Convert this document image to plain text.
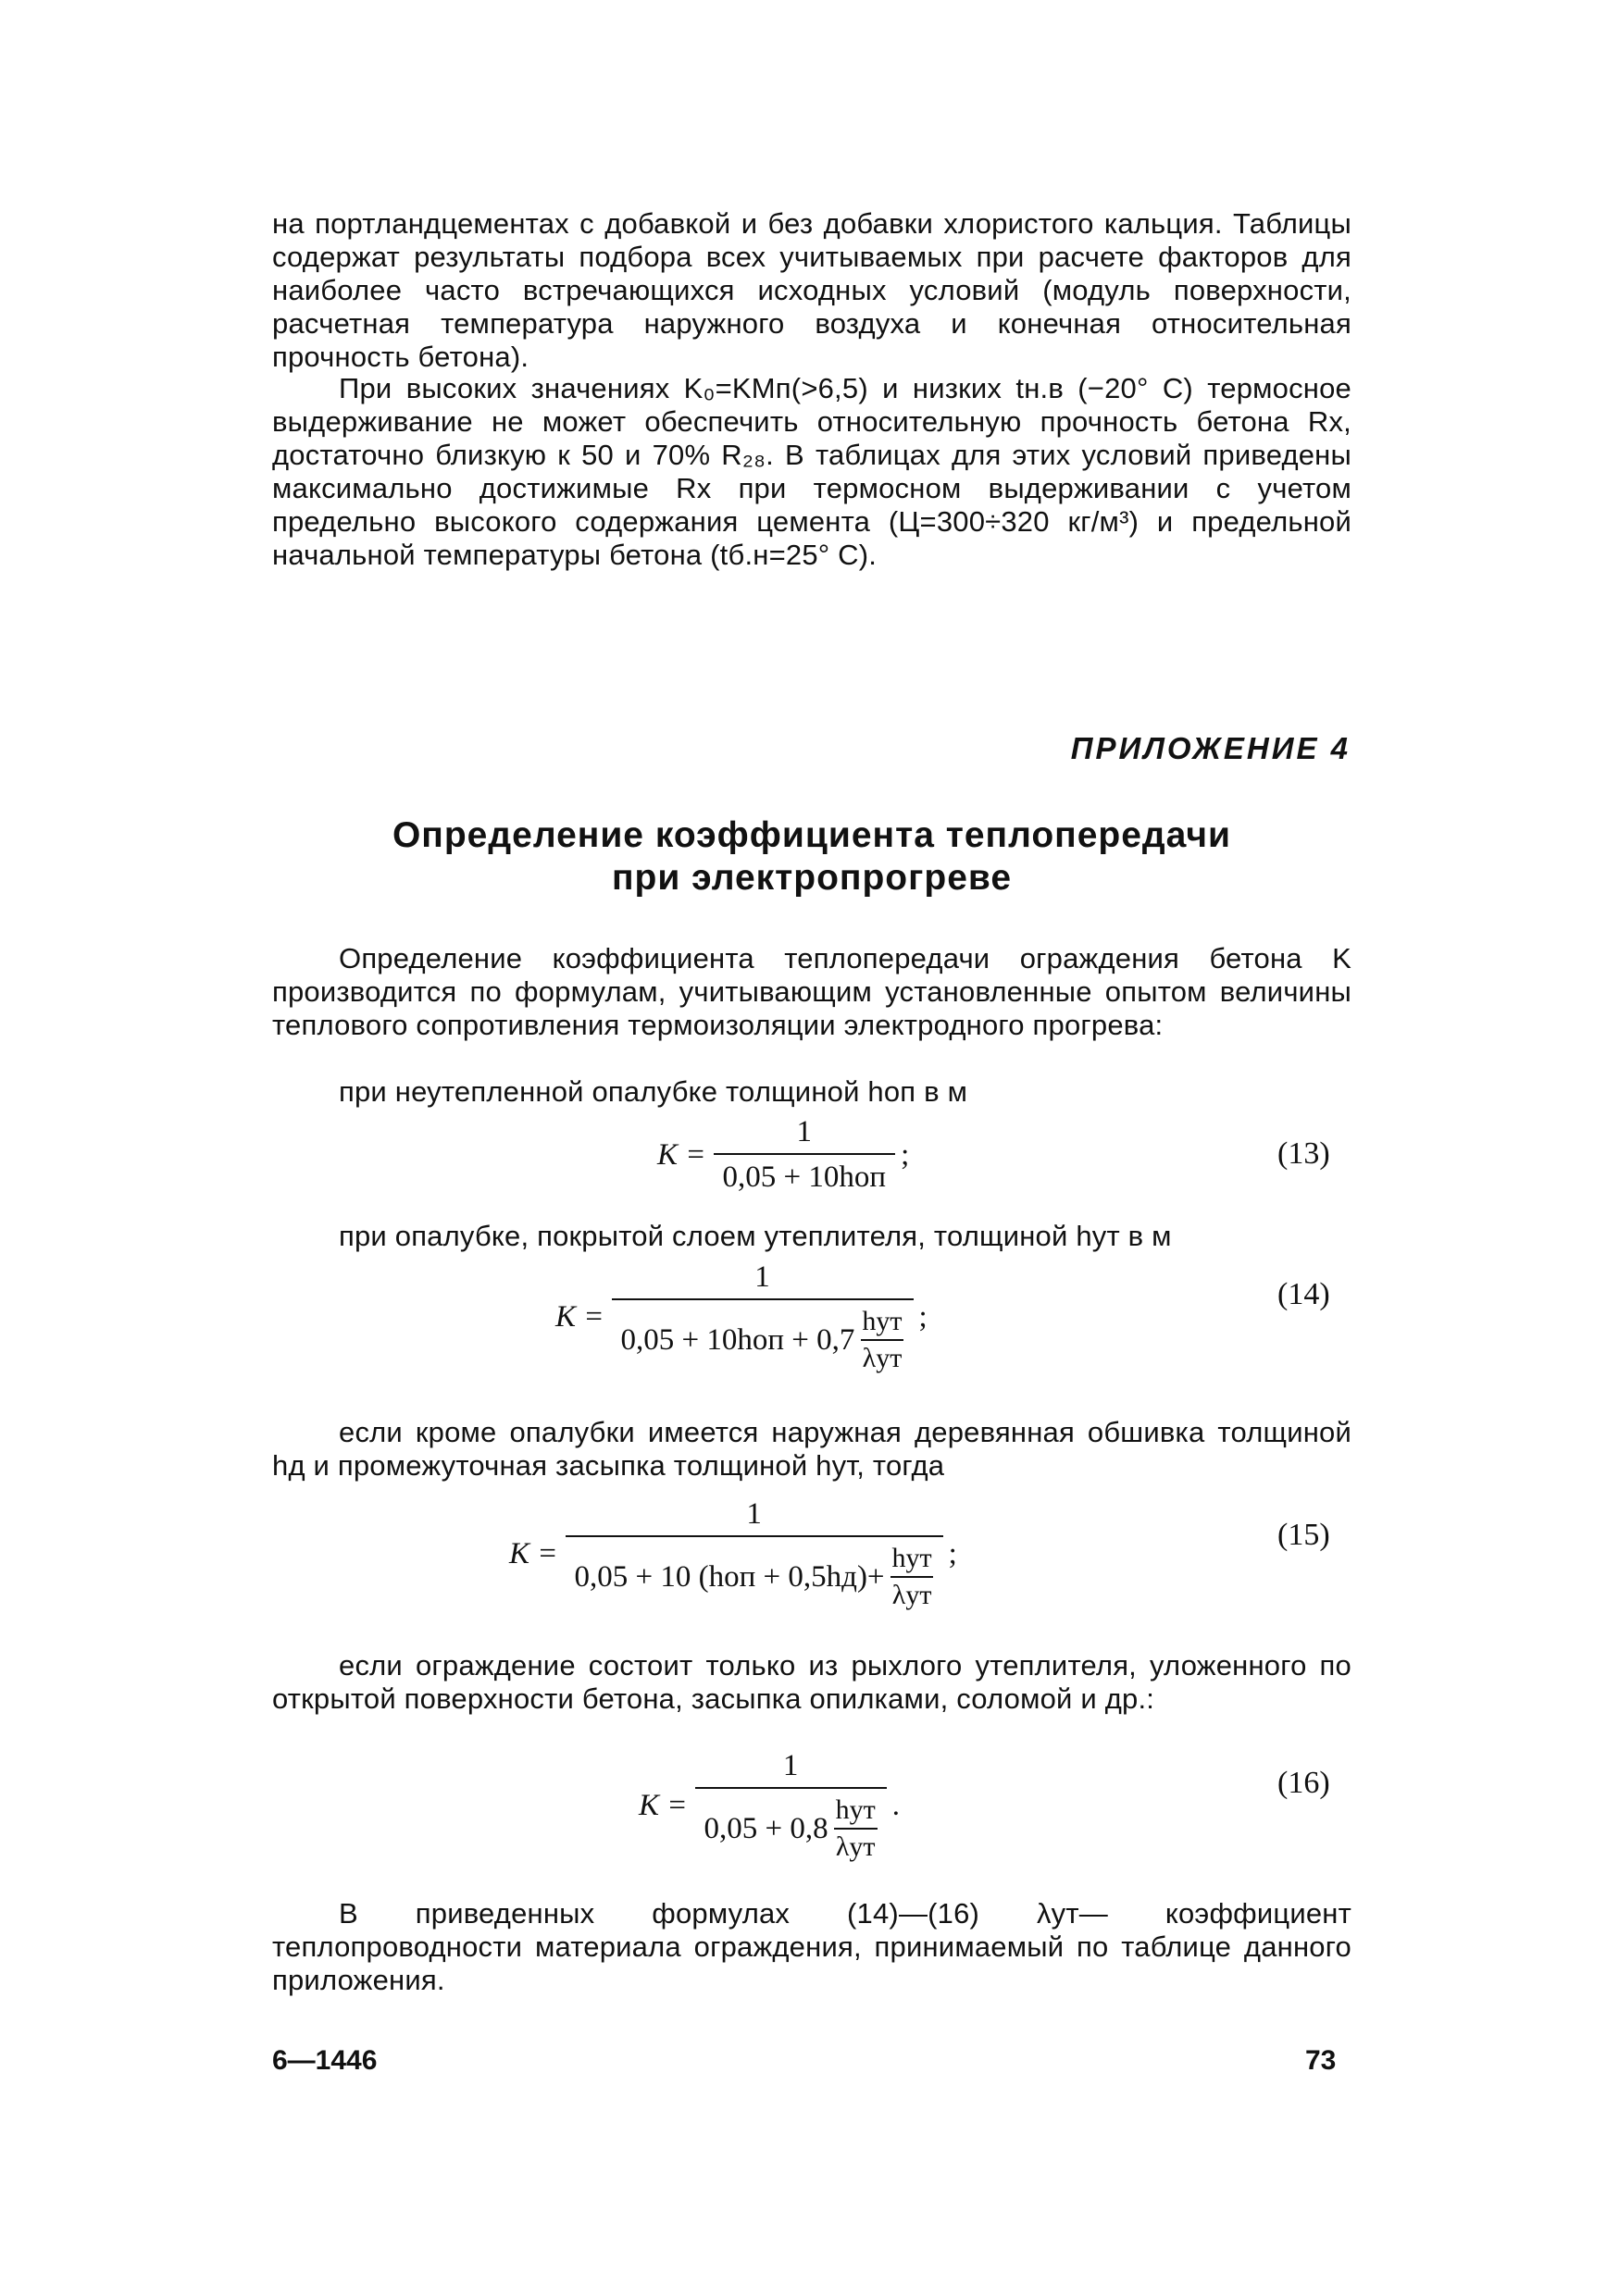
на портландцементах с добавкой и без добавки хлористого кальция. Таблицы содержат результаты подбора всех учитываемых при расчете факторов для наиболее часто встречающихся исходных условий (модуль поверхности, расчетная температура наружного воздуха и конечная относительная прочность бетона).

При высоких значениях K₀=KMп(>6,5) и низких tн.в (−20° C) термосное выдерживание не может обеспечить относительную прочность бетона Rx, достаточно близкую к 50 и 70% R₂₈. В таблицах для этих условий приведены максимально достижимые Rx при термосном выдерживании с учетом предельно высокого содержания цемента (Ц=300÷320 кг/м³) и предельной начальной температуры бетона (tб.н=25° C).

ПРИЛОЖЕНИЕ 4
Определение коэффициента теплопередачи
при электропрогреве

Определение коэффициента теплопередачи ограждения бетона K производится по формулам, учитывающим установленные опытом величины теплового сопротивления термоизоляции электродного прогрева:

при неутепленной опалубке толщиной hоп в м

$K = \frac{1}{\text{0,05 + 10hоп}}$ ;	(13)

при опалубке, покрытой слоем утеплителя, толщиной hут в м

K = 1
0,05 + 10hоп + 0,7
hут
λут ;
(14)

если кроме опалубки имеется наружная деревянная обшивка толщиной hд и промежуточная засыпка толщиной hут, тогда

K =
1
0,05 + 10 (hоп + 0,5hд)+
hут
λут
;
(15)

если ограждение состоит только из рыхлого утеплителя, уложенного по открытой поверхности бетона, засыпка опилками, соломой и др.:

K = 1
0,05 + 0,8
hут
λут .
(16)

В приведенных формулах (14)—(16) λут— коэффициент теплопроводности материала ограждения, принимаемый по таблице данного приложения.

6—1446	73
